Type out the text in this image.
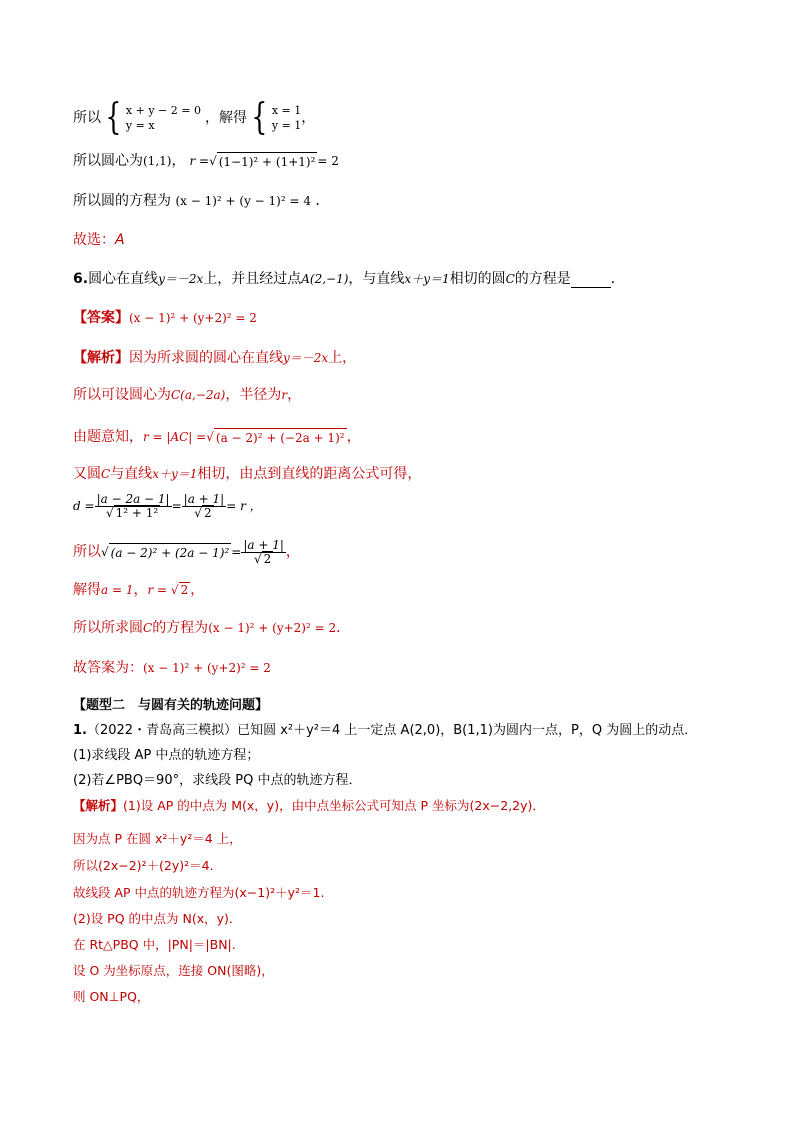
所以 { x + y − 2 = 0
y = x	，解得 { x = 1
y = 1 ，
所以圆心为 (1,1) ， r = √ (1−1)² + (1+1)² = 2
所以圆的方程为 (x − 1)² + (y − 1)² = 4 ．
故选：A
6.圆心在直线y＝－2x上，并且经过点A(2,−1)，与直线x＋y＝1相切的圆C的方程是	．
【答案】(x − 1)² + (y+2)² = 2
【解析】因为所求圆的圆心在直线y＝－2x上，
所以可设圆心为C(a,−2a)，半径为r，
由题意知， r = |AC| = √ (a − 2)² + (−2a + 1)² ，
又圆C与直线x＋y＝1相切，由点到直线的距离公式可得，
$d = \frac{|a - 2a - 1|}{\text{√ 1² + 1²}} = \frac{|a + 1|}{√ 2} = r$ ，
所以 √ $(a - 2)^2 + (2a - 1)^2 = \frac{|a + 1|}{√ 2}$ ，
解得a = 1，r = √ 2 ，
所以所求圆C的方程为(x − 1)² + (y+2)² = 2．
故答案为：(x − 1)² + (y+2)² = 2
【题型二　与圆有关的轨迹问题】
1.（2022・青岛高三模拟）已知圆 x²＋y²＝4 上一定点 A(2,0)，B(1,1)为圆内一点，P，Q 为圆上的动点．
(1)求线段 AP 中点的轨迹方程；
(2)若∠PBQ＝90°，求线段 PQ 中点的轨迹方程．
【解析】(1)设 AP 的中点为 M(x，y)，由中点坐标公式可知点 P 坐标为(2x−2,2y)．
因为点 P 在圆 x²＋y²＝4 上，
所以(2x−2)²＋(2y)²＝4.
故线段 AP 中点的轨迹方程为(x−1)²＋y²＝1.
(2)设 PQ 的中点为 N(x，y)．
在 Rt△PBQ 中，|PN|＝|BN|.
设 O 为坐标原点，连接 ON(图略)，
则 ON⊥PQ，
